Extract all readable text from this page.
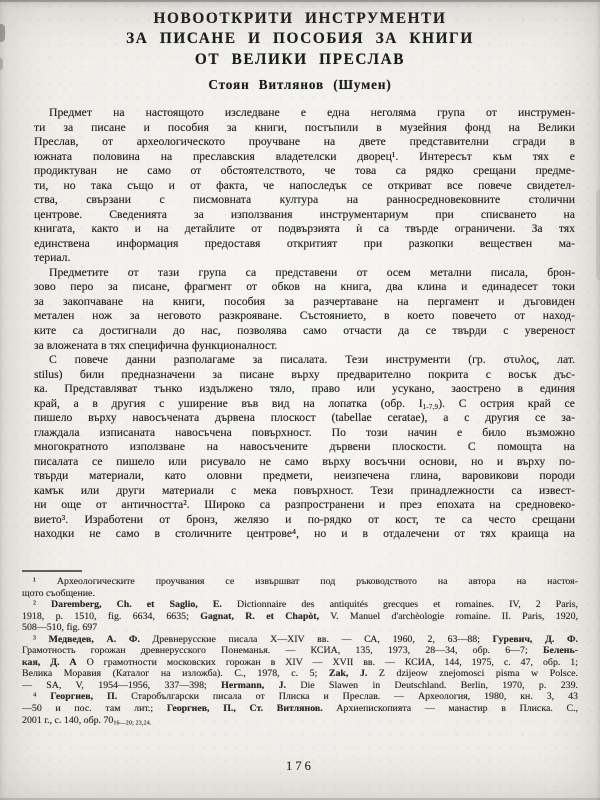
НОВООТКРИТИ ИНСТРУМЕНТИ
ЗА ПИСАНЕ И ПОСОБИЯ ЗА КНИГИ
ОТ ВЕЛИКИ ПРЕСЛАВ
Стоян Витлянов (Шумен)
Предмет на настоящото изследване е една неголяма група от инструмен-
ти за писане и пособия за книги, постъпили в музейния фонд на Велики
Преслав, от археологическото проучване на двете представителни сгради в
южната половина на преславския владетелски дворец¹. Интересът към тях е
продиктуван не само от обстоятелството, че това са рядко срещани предме-
ти, но така също и от факта, че напоследък се откриват все повече свидетел-
ства, свързани с писмовната култура на ранносредновековните столични
центрове. Сведенията за използвания инструментариум при списването на
книгата, както и на детайлите от подвързията ѝ са твърде ограничени. За тях
единствена информация предоставя откритият при разкопки веществен ма-
териал.
Предметите от тази група са представени от осем метални писала, брон-
зово перо за писане, фрагмент от обков на книга, два клина и единадесет токи
за закопчаване на книги, пособия за разчертаване на пергамент и дъговиден
метален нож за неговото разкрояване. Състоянието, в което повечето от наход-
ките са достигнали до нас, позволява само отчасти да се твърди с увереност
за вложената в тях специфична функционалност.
С повече данни разполагаме за писалата. Тези инструменти (гр. στυλος, лат.
stilus) били предназначени за писане върху предварително покрита с восък дъс-
ка. Представляват тънко издължено тяло, право или усукано, заострено в единия
край, а в другия с уширение във вид на лопатка (обр. I1-7,9). С острия край се
пишело върху навосъчената дървена плоскост (tabellae ceratae), а с другия се за-
глаждала изписаната навосъчена повърхност. По този начин е било възможно
многократното използване на навосъчените дървени плоскости. С помощта на
писалата се пишело или рисувало не само върху восъчни основи, но и върху по-
твърди материали, като оловни предмети, неизпечена глина, варовикови породи
камък или други материали с мека повърхност. Тези принадлежности са извест-
ни още от античността². Широко са разпространени и през епохата на средновеко-
вието³. Изработени от бронз, желязо и по-рядко от кост, те са често срещани
находки не само в столичните центрове⁴, но и в отдалечени от тях краища на
¹ Археологическите проучвания се извършват под ръководството на автора на настоя-
щото съобщение.
² Daremberg, Ch. et Saglio, E. Dictionnaire des antiquités grecques et romaines. IV, 2 Paris,
1918, p. 1510, fig. 6634, 6635; Gagnat, R. et Chapòt, V. Manuel d'archèologie romaine. II. Paris, 1920,
508—510, fig. 697
³ Медведев, А. Ф. Древнерусские писала X—XIV вв. — СА, 1960, 2, 63—88; Гуревич, Д. Ф.
Грамотность горожан древнерусского Понеманья. — КСИА, 135, 1973, 28—34, обр. 6—7; Белень-
кая, Д. А О грамотности московских горожан в XIV — XVII вв. — КСИА, 144, 1975, с. 47, обр. 1;
Велика Моравия (Каталог на изложба). С., 1978, с. 5; Zak, J. Z dzijeow znejomosci pisma w Polsce.
— SA, V, 1954—1956, 337—398; Hermann, J. Die Slawen in Deutschland. Berlin, 1970, p. 239.
⁴ Георгиев, П. Старобългарски писала от Плиска и Преслав. — Археология, 1980, кн. 3, 43
—50 и пос. там лит.; Георгиев, П., Ст. Витлянов. Архиепископията — манастир в Плиска. С.,
2001 г., с. 140, обр. 7016—20; 23,24.
176
